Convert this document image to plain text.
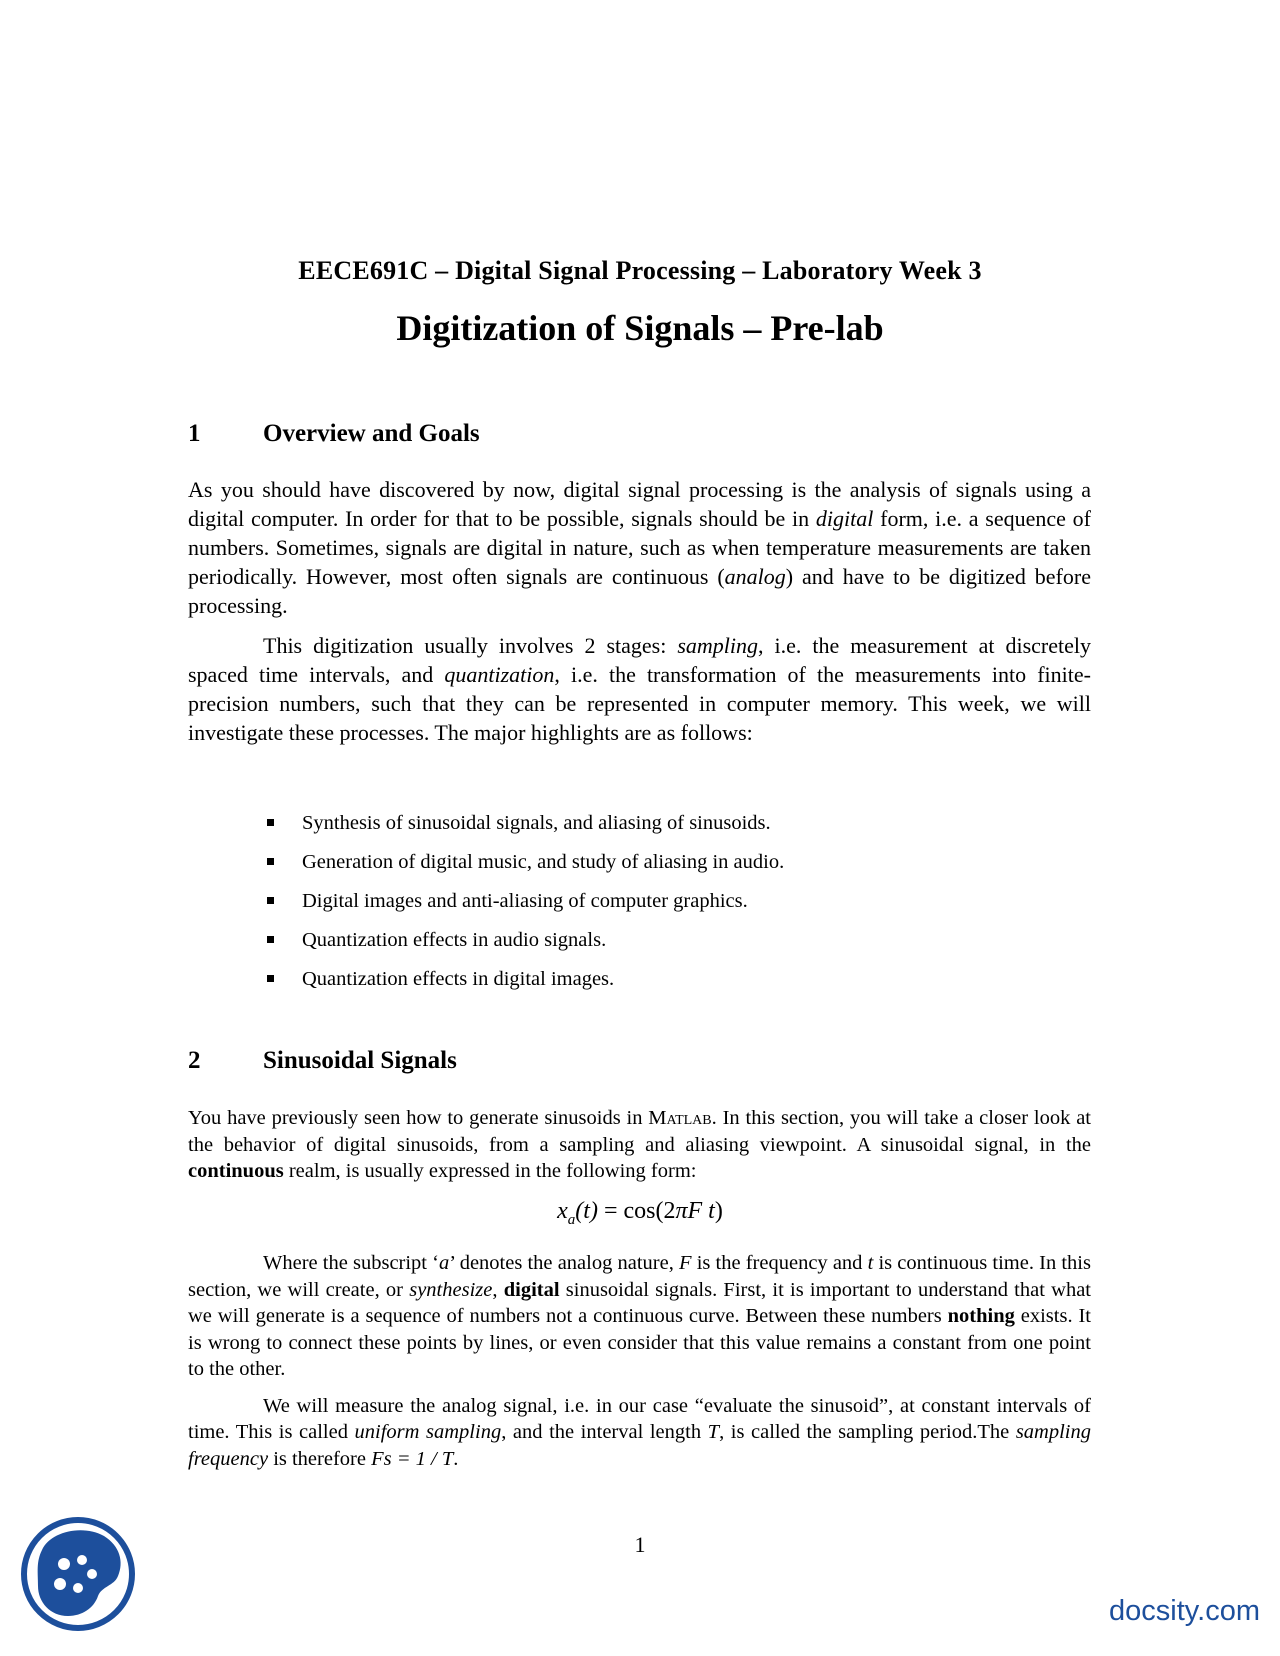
EECE691C – Digital Signal Processing – Laboratory Week 3
Digitization of Signals – Pre-lab
1	Overview and Goals

As you should have discovered by now, digital signal processing is the analysis of signals using a digital computer. In order for that to be possible, signals should be in digital form, i.e. a sequence of numbers. Sometimes, signals are digital in nature, such as when temperature measurements are taken periodically. However, most often signals are continuous (analog) and have to be digitized before processing.

This digitization usually involves 2 stages: sampling, i.e. the measurement at discretely spaced time intervals, and quantization, i.e. the transformation of the measurements into finite-precision numbers, such that they can be represented in computer memory. This week, we will investigate these processes. The major highlights are as follows:

Synthesis of sinusoidal signals, and aliasing of sinusoids.
Generation of digital music, and study of aliasing in audio.
Digital images and anti-aliasing of computer graphics.
Quantization effects in audio signals.
Quantization effects in digital images.
2	Sinusoidal Signals

You have previously seen how to generate sinusoids in Matlab. In this section, you will take a closer look at the behavior of digital sinusoids, from a sampling and aliasing viewpoint. A sinusoidal signal, in the continuous realm, is usually expressed in the following form:

$x_a(t) = \cos(2\pi F$ t)

Where the subscript ‘a’ denotes the analog nature, F is the frequency and t is continuous time. In this section, we will create, or synthesize, digital sinusoidal signals. First, it is important to understand that what we will generate is a sequence of numbers not a continuous curve. Between these numbers nothing exists. It is wrong to connect these points by lines, or even consider that this value remains a constant from one point to the other.

We will measure the analog signal, i.e. in our case “evaluate the sinusoid”, at constant intervals of time. This is called uniform sampling, and the interval length T, is called the sampling period.The sampling frequency is therefore Fs = 1 / T.

1
docsity.com
